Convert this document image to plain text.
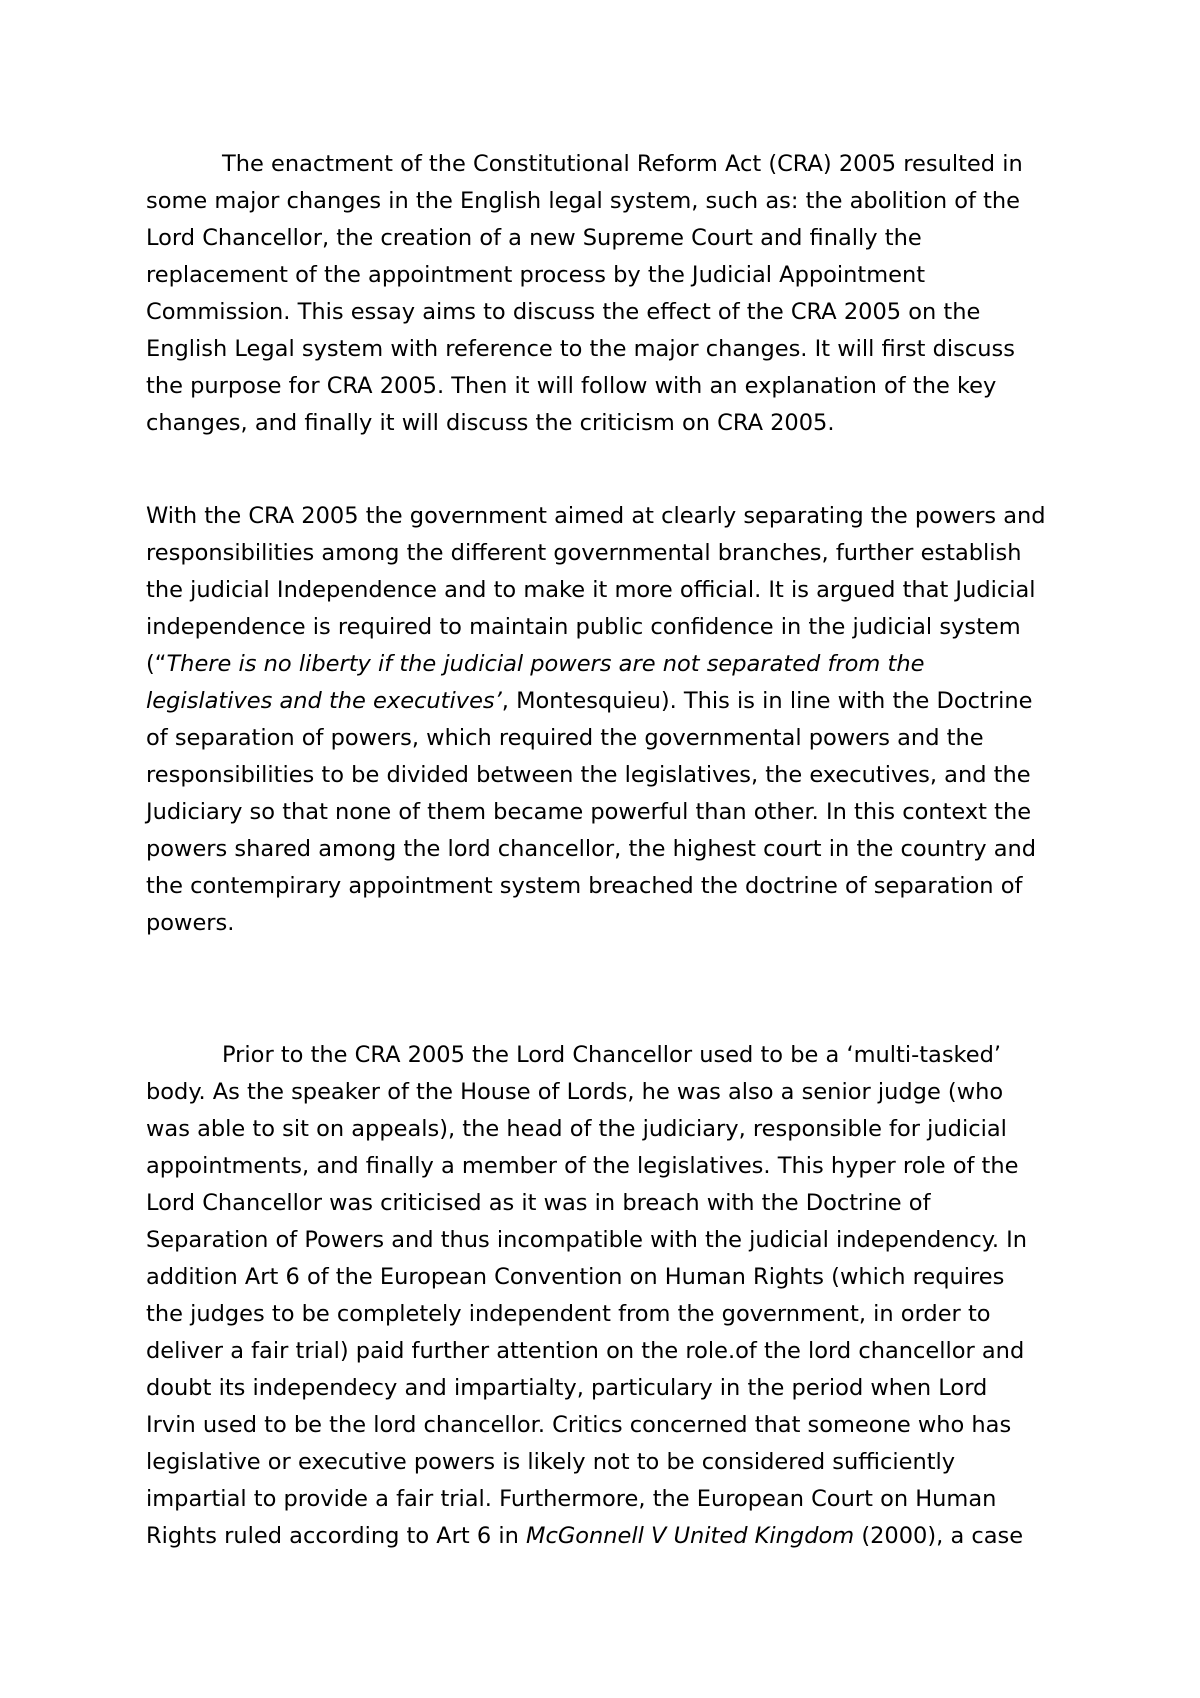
The enactment of the Constitutional Reform Act (CRA) 2005 resulted in
some major changes in the English legal system, such as: the abolition of the
Lord Chancellor, the creation of a new Supreme Court and finally the
replacement of the appointment process by the Judicial Appointment
Commission. This essay aims to discuss the effect of the CRA 2005 on the
English Legal system with reference to the major changes. It will first discuss
the purpose for CRA 2005. Then it will follow with an explanation of the key
changes, and finally it will discuss the criticism on CRA 2005.
With the CRA 2005 the government aimed at clearly separating the powers and
responsibilities among the different governmental branches, further establish
the judicial Independence and to make it more official. It is argued that Judicial
independence is required to maintain public confidence in the judicial system
(“There is no liberty if the judicial powers are not separated from the
legislatives and the executives’, Montesquieu). This is in line with the Doctrine
of separation of powers, which required the governmental powers and the
responsibilities to be divided between the legislatives, the executives, and the
Judiciary so that none of them became powerful than other. In this context the
powers shared among the lord chancellor, the highest court in the country and
the contempirary appointment system breached the doctrine of separation of
powers.
Prior to the CRA 2005 the Lord Chancellor used to be a ‘multi-tasked’
body. As the speaker of the House of Lords, he was also a senior judge (who
was able to sit on appeals), the head of the judiciary, responsible for judicial
appointments, and finally a member of the legislatives. This hyper role of the
Lord Chancellor was criticised as it was in breach with the Doctrine of
Separation of Powers and thus incompatible with the judicial independency. In
addition Art 6 of the European Convention on Human Rights (which requires
the judges to be completely independent from the government, in order to
deliver a fair trial) paid further attention on the role.of the lord chancellor and
doubt its independecy and impartialty, particulary in the period when Lord
Irvin used to be the lord chancellor. Critics concerned that someone who has
legislative or executive powers is likely not to be considered sufficiently
impartial to provide a fair trial. Furthermore, the European Court on Human
Rights ruled according to Art 6 in McGonnell V United Kingdom (2000), a case
